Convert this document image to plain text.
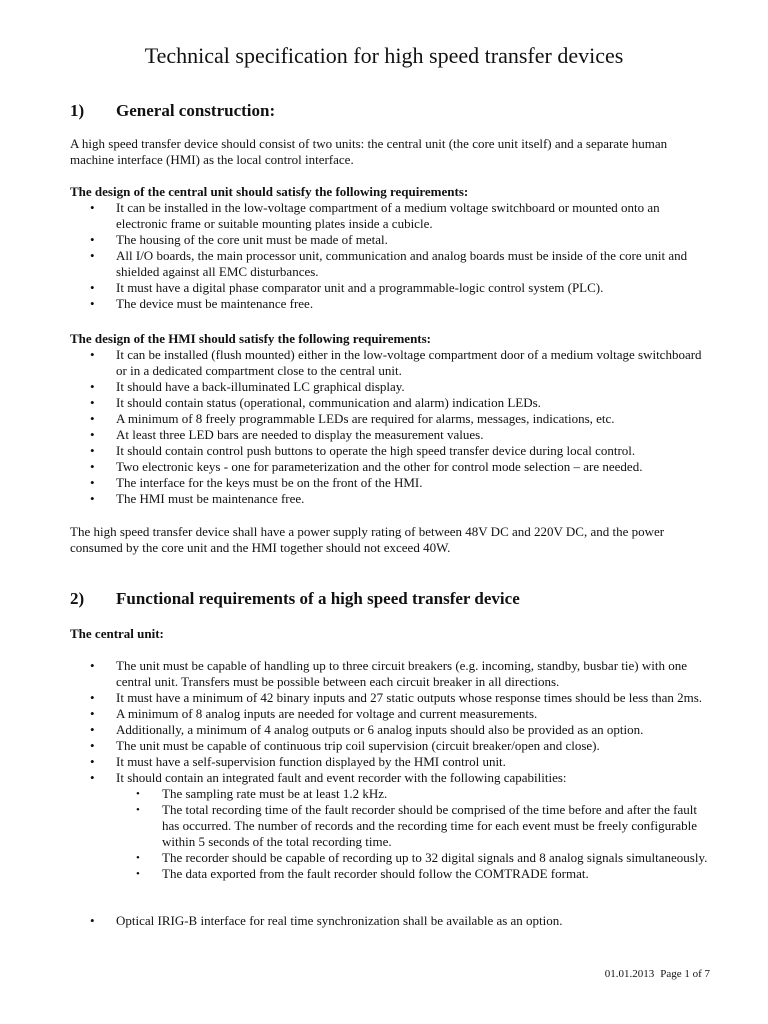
Technical specification for high speed transfer devices
1) General construction:

A high speed transfer device should consist of two units: the central unit (the core unit itself) and a separate human machine interface (HMI) as the local control interface.

The design of the central unit should satisfy the following requirements:

• It can be installed in the low-voltage compartment of a medium voltage switchboard or mounted onto an electronic frame or suitable mounting plates inside a cubicle.
• The housing of the core unit must be made of metal.
• All I/O boards, the main processor unit, communication and analog boards must be inside of the core unit and shielded against all EMC disturbances.
• It must have a digital phase comparator unit and a programmable-logic control system (PLC).
• The device must be maintenance free.

The design of the HMI should satisfy the following requirements:

• It can be installed (flush mounted) either in the low-voltage compartment door of a medium voltage switchboard or in a dedicated compartment close to the central unit.
• It should have a back-illuminated LC graphical display.
• It should contain status (operational, communication and alarm) indication LEDs.
• A minimum of 8 freely programmable LEDs are required for alarms, messages, indications, etc.
• At least three LED bars are needed to display the measurement values.
• It should contain control push buttons to operate the high speed transfer device during local control.
• Two electronic keys - one for parameterization and the other for control mode selection – are needed.
• The interface for the keys must be on the front of the HMI.
• The HMI must be maintenance free.

The high speed transfer device shall have a power supply rating of between 48V DC and 220V DC, and the power consumed by the core unit and the HMI together should not exceed 40W.

2) Functional requirements of a high speed transfer device

The central unit:

• The unit must be capable of handling up to three circuit breakers (e.g. incoming, standby, busbar tie) with one central unit. Transfers must be possible between each circuit breaker in all directions.
• It must have a minimum of 42 binary inputs and 27 static outputs whose response times should be less than 2ms.
• A minimum of 8 analog inputs are needed for voltage and current measurements.
• Additionally, a minimum of 4 analog outputs or 6 analog inputs should also be provided as an option.
• The unit must be capable of continuous trip coil supervision (circuit breaker/open and close).
• It must have a self-supervision function displayed by the HMI control unit.
• It should contain an integrated fault and event recorder with the following capabilities:
• The sampling rate must be at least 1.2 kHz.
• The total recording time of the fault recorder should be comprised of the time before and after the fault has occurred. The number of records and the recording time for each event must be freely configurable within 5 seconds of the total recording time.
• The recorder should be capable of recording up to 32 digital signals and 8 analog signals simultaneously.
• The data exported from the fault recorder should follow the COMTRADE format.
• Optical IRIG-B interface for real time synchronization shall be available as an option.
01.01.2013 Page 1 of 7
